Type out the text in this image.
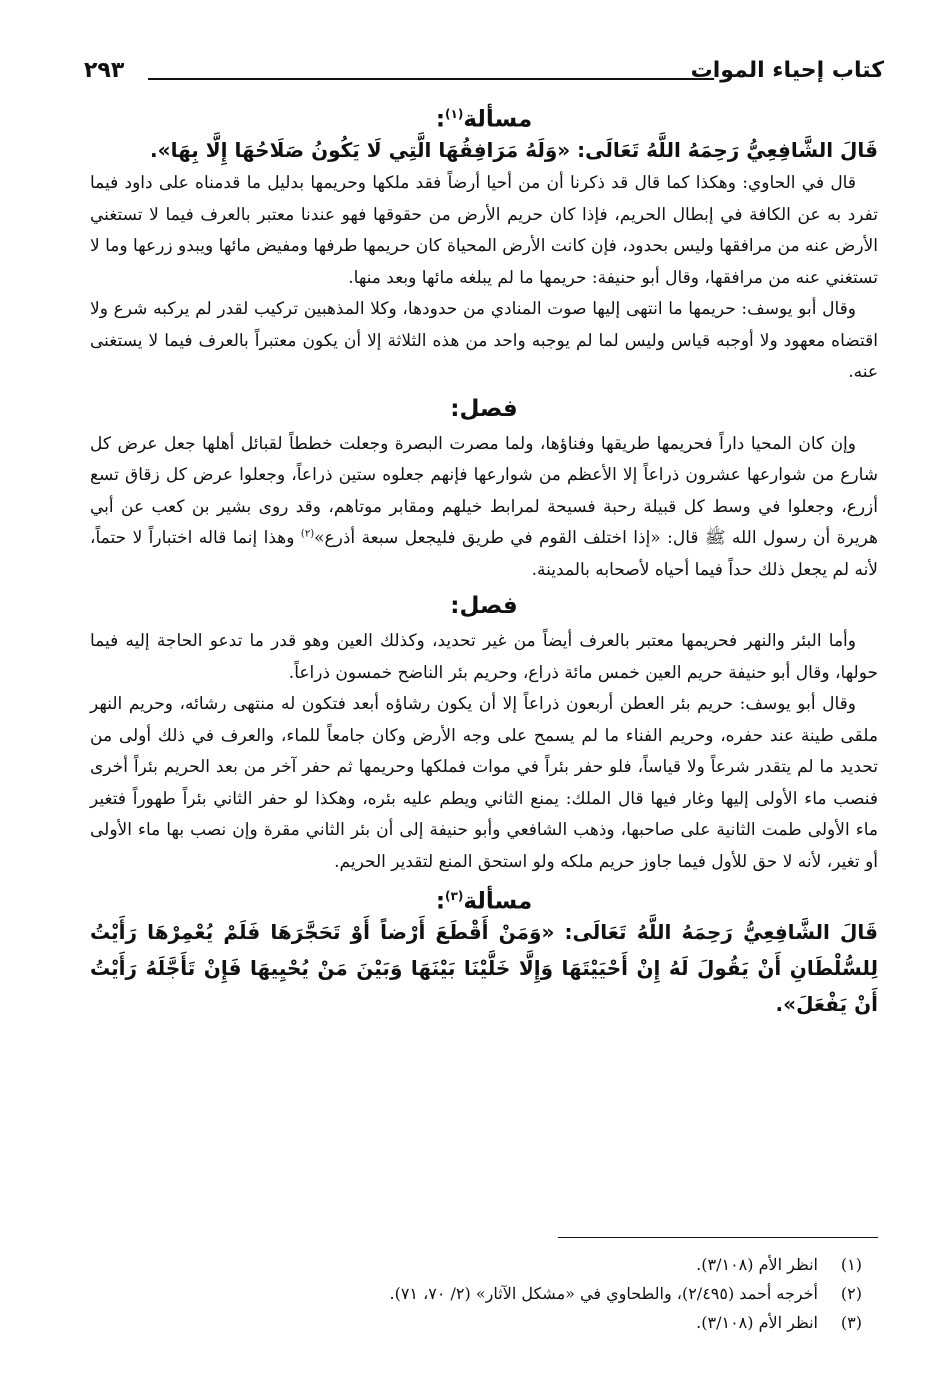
كتاب إحياء الموات
٢٩٣
مسألة$^{(١)}$:
قَالَ الشَّافِعِيُّ رَحِمَهُ اللَّهُ تَعَالَى: «وَلَهُ مَرَافِقُهَا الَّتِي لَا يَكُونُ صَلَاحُهَا إِلَّا بِهَا».

قال في الحاوي: وهكذا كما قال قد ذكرنا أن من أحيا أرضاً فقد ملكها وحريمها بدليل ما قدمناه على داود فيما تفرد به عن الكافة في إبطال الحريم، فإذا كان حريم الأرض من حقوقها فهو عندنا معتبر بالعرف فيما لا تستغني الأرض عنه من مرافقها وليس بحدود، فإن كانت الأرض المحياة كان حريمها طرفها ومفيض مائها ويبدو زرعها وما لا تستغني عنه من مرافقها، وقال أبو حنيفة: حريمها ما لم يبلغه مائها وبعد منها.

وقال أبو يوسف: حريمها ما انتهى إليها صوت المنادي من حدودها، وكلا المذهبين تركيب لقدر لم يركبه شرع ولا اقتضاه معهود ولا أوجبه قياس وليس لما لم يوجبه واحد من هذه الثلاثة إلا أن يكون معتبراً بالعرف فيما لا يستغنى عنه.

فصل:

وإن كان المحيا داراً فحريمها طريقها وفناؤها، ولما مصرت البصرة وجعلت خططاً لقبائل أهلها جعل عرض كل شارع من شوارعها عشرون ذراعاً إلا الأعظم من شوارعها فإنهم جعلوه ستين ذراعاً، وجعلوا عرض كل زقاق تسع أزرع، وجعلوا في وسط كل قبيلة رحبة فسيحة لمرابط خيلهم ومقابر موتاهم، وقد روى بشير بن كعب عن أبي هريرة أن رسول الله ﷺ قال: «إذا اختلف القوم في طريق فليجعل سبعة أذرع»$^{(٢)}$ وهذا إنما قاله اختباراً لا حتماً، لأنه لم يجعل ذلك حداً فيما أحياه لأصحابه بالمدينة.

فصل:

وأما البئر والنهر فحريمها معتبر بالعرف أيضاً من غير تحديد، وكذلك العين وهو قدر ما تدعو الحاجة إليه فيما حولها، وقال أبو حنيفة حريم العين خمس مائة ذراع، وحريم بئر الناضح خمسون ذراعاً.

وقال أبو يوسف: حريم بئر العطن أربعون ذراعاً إلا أن يكون رشاؤه أبعد فتكون له منتهى رشائه، وحريم النهر ملقى طينة عند حفره، وحريم الفناء ما لم يسمح على وجه الأرض وكان جامعاً للماء، والعرف في ذلك أولى من تحديد ما لم يتقدر شرعاً ولا قياساً، فلو حفر بئراً في موات فملكها وحريمها ثم حفر آخر من بعد الحريم بئراً أخرى فنصب ماء الأولى إليها وغار فيها قال الملك: يمنع الثاني ويطم عليه بئره، وهكذا لو حفر الثاني بئراً طهوراً فتغير ماء الأولى طمت الثانية على صاحبها، وذهب الشافعي وأبو حنيفة إلى أن بئر الثاني مقرة وإن نصب بها ماء الأولى أو تغير، لأنه لا حق للأول فيما جاوز حريم ملكه ولو استحق المنع لتقدير الحريم.

مسألة$^{(٣)}$:
قَالَ الشَّافِعِيُّ رَحِمَهُ اللَّهُ تَعَالَى: «وَمَنْ أَقْطَعَ أَرْضاً أَوْ تَحَجَّرَهَا فَلَمْ يُعْمِرْهَا رَأَيْتُ لِلسُّلْطَانِ أَنْ يَقُولَ لَهُ إِنْ أَحْيَيْتَهَا وَإِلَّا خَلَّيْنَا بَيْنَهَا وَبَيْنَ مَنْ يُحْيِيهَا فَإِنْ تَأَجَّلَهُ رَأَيْتُ أَنْ يَفْعَلَ».
(١)انظر الأم (٣/١٠٨).
(٢)أخرجه أحمد (٢/٤٩٥)، والطحاوي في «مشكل الآثار» (٢/ ٧٠، ٧١).
(٣)انظر الأم (٣/١٠٨).
